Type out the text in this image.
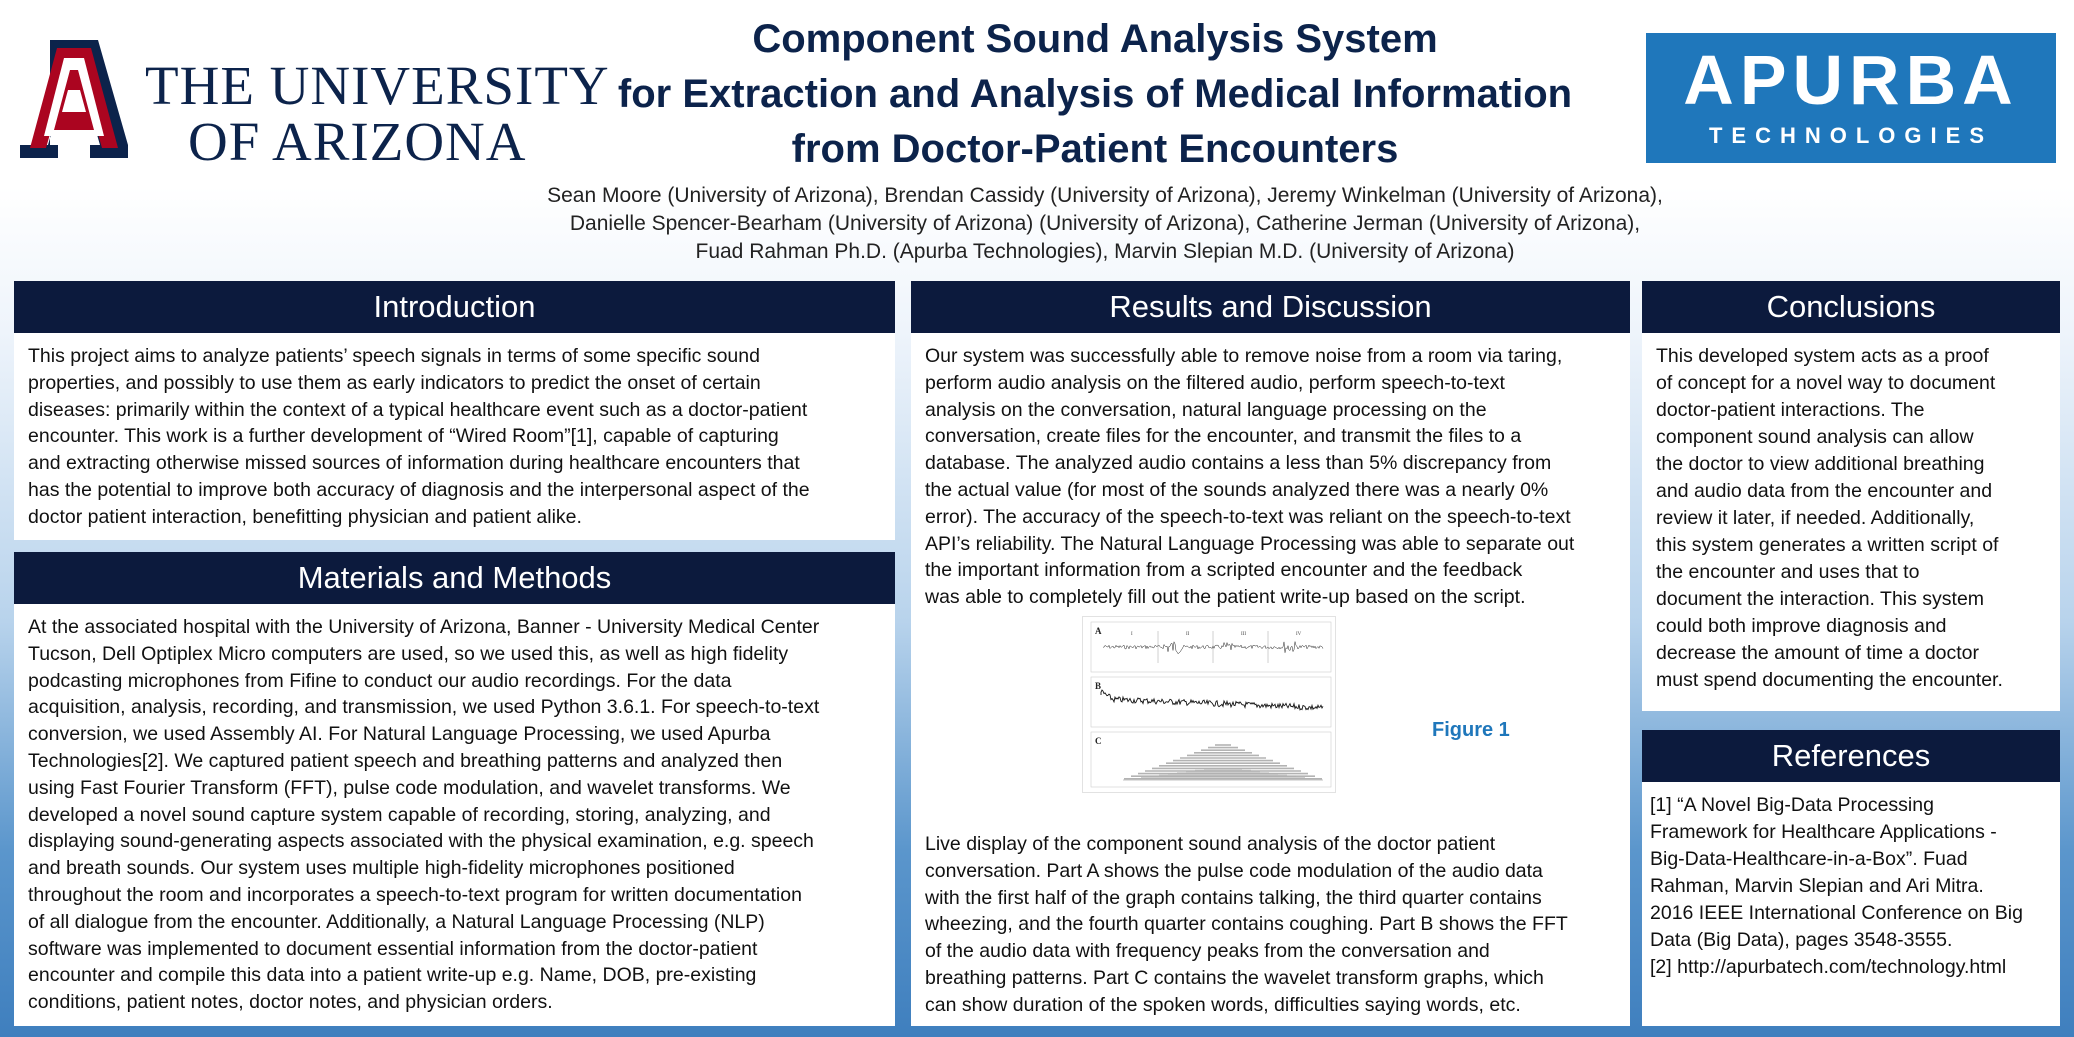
THE UNIVERSITY
OF ARIZONA
Component Sound Analysis System
for Extraction and Analysis of Medical Information
from Doctor-Patient Encounters
Sean Moore (University of Arizona), Brendan Cassidy (University of Arizona), Jeremy Winkelman (University of Arizona),
Danielle Spencer-Bearham (University of Arizona) (University of Arizona), Catherine Jerman (University of Arizona),
Fuad Rahman Ph.D. (Apurba Technologies), Marvin Slepian M.D. (University of Arizona)
APURBA
TECHNOLOGIES
Introduction
This project aims to analyze patients’ speech signals in terms of some specific sound
properties, and possibly to use them as early indicators to predict the onset of certain
diseases: primarily within the context of a typical healthcare event such as a doctor-patient
encounter. This work is a further development of “Wired Room”[1], capable of capturing
and extracting otherwise missed sources of information during healthcare encounters that
has the potential to improve both accuracy of diagnosis and the interpersonal aspect of the
doctor patient interaction, benefitting physician and patient alike.
Materials and Methods
At the associated hospital with the University of Arizona, Banner - University Medical Center
Tucson, Dell Optiplex Micro computers are used, so we used this, as well as high fidelity
podcasting microphones from Fifine to conduct our audio recordings. For the data
acquisition, analysis, recording, and transmission, we used Python 3.6.1. For speech-to-text
conversion, we used Assembly AI. For Natural Language Processing, we used Apurba
Technologies[2]. We captured patient speech and breathing patterns and analyzed then
using Fast Fourier Transform (FFT), pulse code modulation, and wavelet transforms. We
developed a novel sound capture system capable of recording, storing, analyzing, and
displaying sound-generating aspects associated with the physical examination, e.g. speech
and breath sounds. Our system uses multiple high-fidelity microphones positioned
throughout the room and incorporates a speech-to-text program for written documentation
of all dialogue from the encounter. Additionally, a Natural Language Processing (NLP)
software was implemented to document essential information from the doctor-patient
encounter and compile this data into a patient write-up e.g. Name, DOB, pre-existing
conditions, patient notes, doctor notes, and physician orders.
Results and Discussion
Our system was successfully able to remove noise from a room via taring,
perform audio analysis on the filtered audio, perform speech-to-text
analysis on the conversation, natural language processing on the
conversation, create files for the encounter, and transmit the files to a
database. The analyzed audio contains a less than 5% discrepancy from
the actual value (for most of the sounds analyzed there was a nearly 0%
error). The accuracy of the speech-to-text was reliant on the speech-to-text
API’s reliability. The Natural Language Processing was able to separate out
the important information from a scripted encounter and the feedback
was able to completely fill out the patient write-up based on the script.
A
B
C
I	II	III	IV
Figure 1
Live display of the component sound analysis of the doctor patient
conversation. Part A shows the pulse code modulation of the audio data
with the first half of the graph contains talking, the third quarter contains
wheezing, and the fourth quarter contains coughing. Part B shows the FFT
of the audio data with frequency peaks from the conversation and
breathing patterns. Part C contains the wavelet transform graphs, which
can show duration of the spoken words, difficulties saying words, etc.
Conclusions
This developed system acts as a proof
of concept for a novel way to document
doctor-patient interactions. The
component sound analysis can allow
the doctor to view additional breathing
and audio data from the encounter and
review it later, if needed. Additionally,
this system generates a written script of
the encounter and uses that to
document the interaction. This system
could both improve diagnosis and
decrease the amount of time a doctor
must spend documenting the encounter.
References
[1] “A Novel Big-Data Processing
Framework for Healthcare Applications -
Big-Data-Healthcare-in-a-Box”. Fuad
Rahman, Marvin Slepian and Ari Mitra.
2016 IEEE International Conference on Big
Data (Big Data), pages 3548-3555.
[2] http://apurbatech.com/technology.html
